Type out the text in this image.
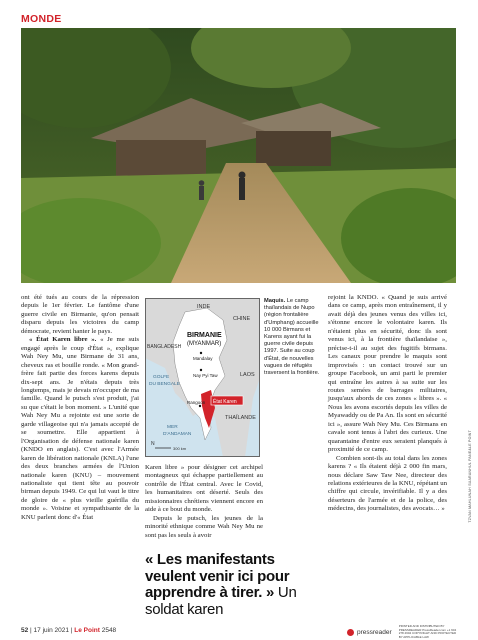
MONDE
TZVAN MAHLUNAH SUARANHUL PANE&LE POINT

ont été tués au cours de la répression depuis le 1er février. Le fantôme d'une guerre civile en Birmanie, qu'on pensait disparu depuis les victoires du camp démocrate, revient hanter le pays.

« État Karen libre ». « Je me suis engagé après le coup d'État », explique Wah Ney Mu, une Birmane de 31 ans, cheveux ras et bouille ronde. « Mon grand-frère fait partie des forces karens depuis dix-sept ans. Je n'étais depuis très longtemps, mais je devais m'occuper de ma famille. Quand le putsch s'est produit, j'ai su que c'était le bon moment. » L'unité que Wah Ney Mu a rejointe est une sorte de garde villageoise qui n'a jamais accepté de se soumettre. Elle appartient à l'Organisation de défense nationale karen (KNDO en anglais). C'est avec l'Armée karen de libération nationale (KNLA) l'une des deux branches armées de l'Union nationale karen (KNU) – mouvement nationaliste qui tient tête au pouvoir birman depuis 1949. Ce qui lui vaut le titre de gloire de « plus vieille guérilla du monde ». Voisine et sympathisante de la KNU parlent donc d'« État

INDE
CHINE
BANGLADESH
BIRMANIE
(MYANMAR)
Mandalay
Nay Pyi Taw	LAOS
GOLFE
DU BENGALE
Rangoon État Karen
THAÏLANDE
MER
D'ANDAMAN
300 km
N
Maquis. Le camp thaïlandais de Nupo (région frontalière d'Umphang) accueille 10 000 Birmans et Karens ayant fui la guerre civile depuis 1997. Suite au coup d'État, de nouvelles vagues de réfugiés traversent la frontière.

Karen libre » pour désigner cet archipel montagneux qui échappe partiellement au contrôle de l'État central. Avec le Covid, les humanitaires ont déserté. Seuls des missionnaires chrétiens viennent encore en aide à ce bout du monde.

Depuis le putsch, les jeunes de la minorité ethnique comme Wah Ney Mu ne sont pas les seuls à avoir

« Les manifestants veulent venir ici pour apprendre à tirer. » Un soldat karen

rejoint la KNDO. « Quand je suis arrivé dans ce camp, après mon entraînement, il y avait déjà des jeunes venus des villes ici, s'étonne encore le volontaire karen. Ils n'étaient plus en sécurité, donc ils sont venus ici, à la frontière thaïlandaise », précise-t-il au sujet des fugitifs birmans. Les canaux pour prendre le maquis sont improvisés : un contact trouvé sur un groupe Facebook, un ami parti le premier qui entraîne les autres à sa suite sur les routes semées de barrages militaires, jusqu'aux abords de ces zones « libres ». « Nous les avons escortés depuis les villes de Myawaddy ou de Pa An. Ils sont en sécurité ici », assure Wah Ney Mu. Ces Birmans en cavale sont tenus à l'abri des curieux. Une quarantaine d'entre eux seraient planqués à proximité de ce camp.

Combien sont-ils au total dans les zones karens ? « Ils étaient déjà 2 000 fin mars, nous déclare Saw Taw Nee, directeur des relations extérieures de la KNU, répétant un chiffre qui circule, invérifiable. Il y a des déserteurs de l'armée et de la police, des médecins, des journalistes, des avocats… »

52 | 17 juin 2021 | Le Point 2548	pressreader
PRINTED AND DISTRIBUTED BY PRESSREADER PressReader.com +1 604 278 4604 COPYRIGHT AND PROTECTED BY APPLICABLE LAW
